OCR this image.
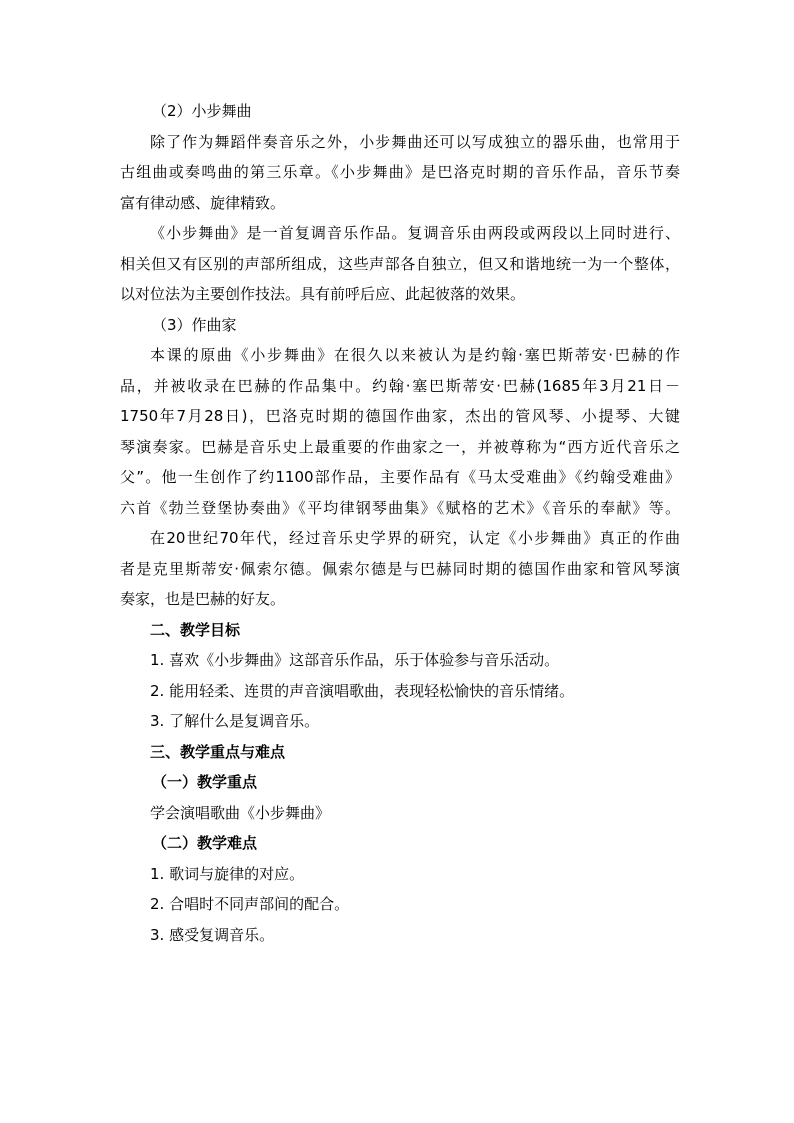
（2）小步舞曲
除了作为舞蹈伴奏音乐之外，小步舞曲还可以写成独立的器乐曲，也常用于
古组曲或奏鸣曲的第三乐章。《小步舞曲》是巴洛克时期的音乐作品，音乐节奏
富有律动感、旋律精致。
《小步舞曲》是一首复调音乐作品。复调音乐由两段或两段以上同时进行、
相关但又有区别的声部所组成，这些声部各自独立，但又和谐地统一为一个整体，
以对位法为主要创作技法。具有前呼后应、此起彼落的效果。
（3）作曲家
本课的原曲《小步舞曲》在很久以来被认为是约翰·塞巴斯蒂安·巴赫的作
品，并被收录在巴赫的作品集中。约翰·塞巴斯蒂安·巴赫(1685年3月21日－
1750年7月28日)，巴洛克时期的德国作曲家，杰出的管风琴、小提琴、大键
琴演奏家。巴赫是音乐史上最重要的作曲家之一，并被尊称为“西方近代音乐之
父”。他一生创作了约1100部作品，主要作品有《马太受难曲》《约翰受难曲》
六首《勃兰登堡协奏曲》《平均律钢琴曲集》《赋格的艺术》《音乐的奉献》等。
在20世纪70年代，经过音乐史学界的研究，认定《小步舞曲》真正的作曲
者是克里斯蒂安·佩索尔德。佩索尔德是与巴赫同时期的德国作曲家和管风琴演
奏家，也是巴赫的好友。
二、教学目标
1. 喜欢《小步舞曲》这部音乐作品，乐于体验参与音乐活动。
2. 能用轻柔、连贯的声音演唱歌曲，表现轻松愉快的音乐情绪。
3. 了解什么是复调音乐。
三、教学重点与难点
（一）教学重点
学会演唱歌曲《小步舞曲》
（二）教学难点
1. 歌词与旋律的对应。
2. 合唱时不同声部间的配合。
3. 感受复调音乐。
